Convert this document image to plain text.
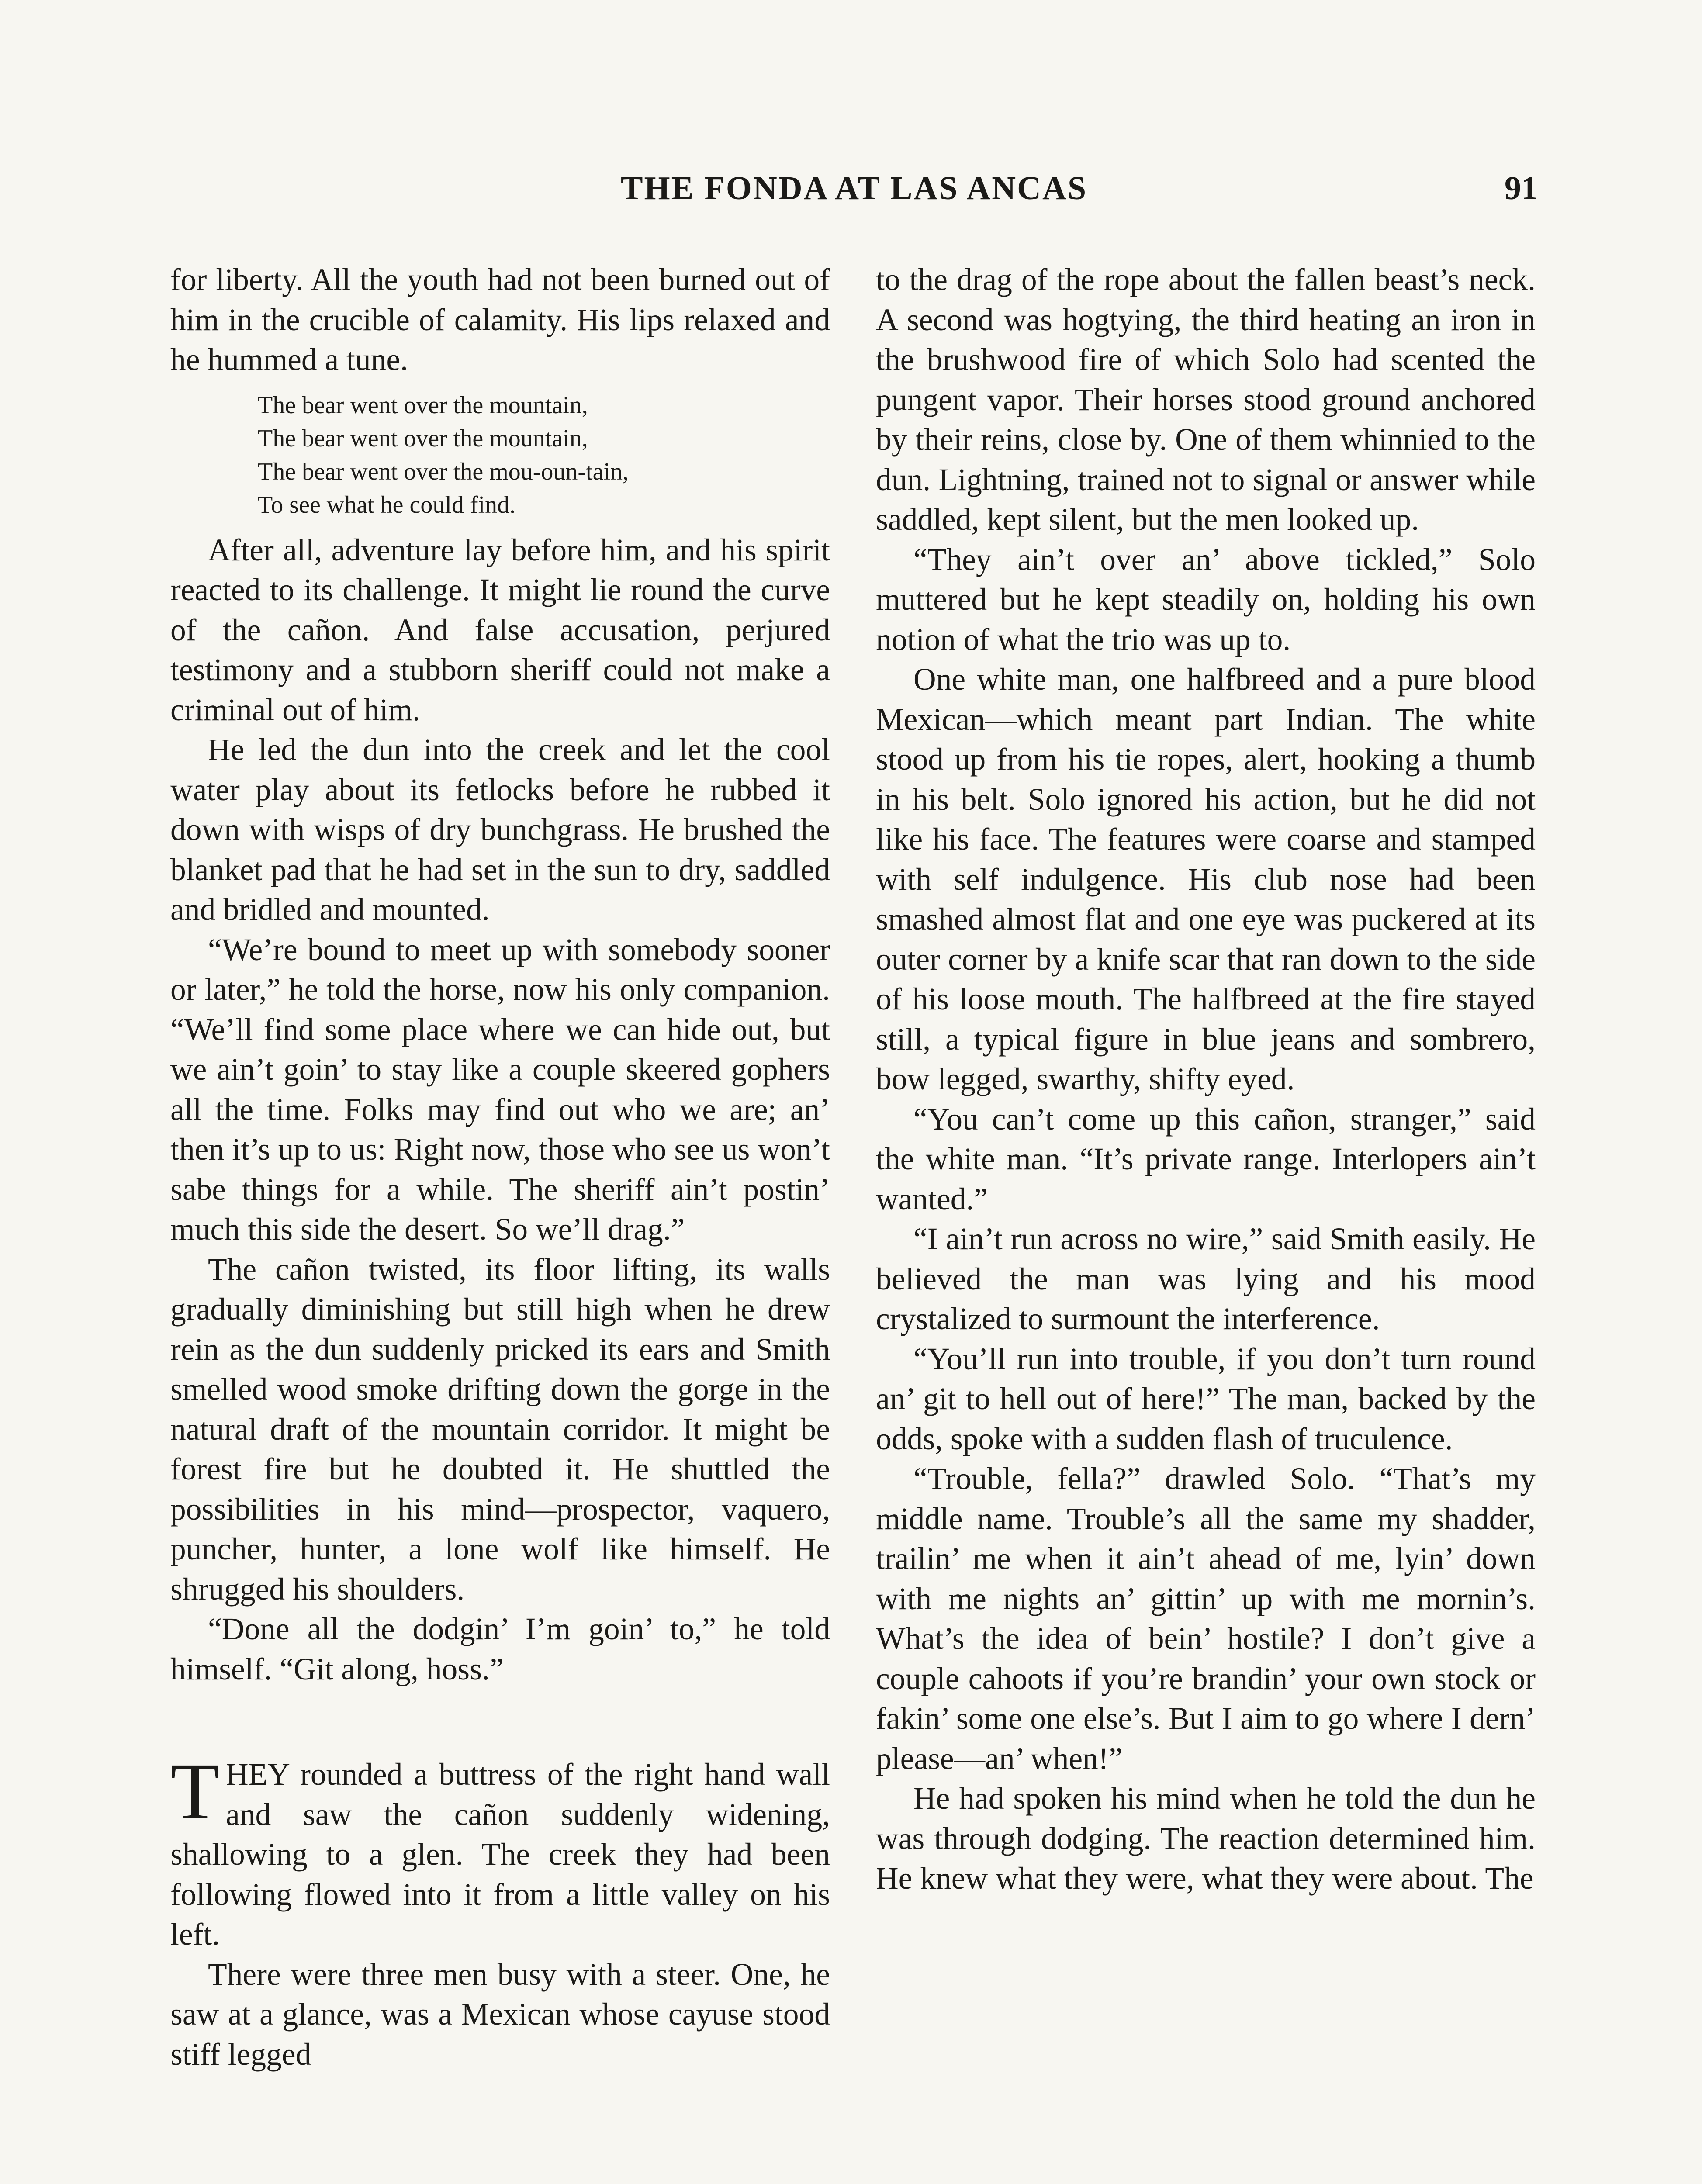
THE FONDA AT LAS ANCAS	91

for liberty. All the youth had not been burned out of him in the crucible of calamity. His lips relaxed and he hummed a tune.

The bear went over the mountain,
The bear went over the mountain,
The bear went over the mou-oun-tain,
To see what he could find.

After all, adventure lay before him, and his spirit reacted to its challenge. It might lie round the curve of the cañon. And false accusation, perjured testimony and a stubborn sheriff could not make a criminal out of him.

He led the dun into the creek and let the cool water play about its fetlocks before he rubbed it down with wisps of dry bunchgrass. He brushed the blanket pad that he had set in the sun to dry, saddled and bridled and mounted.

“We’re bound to meet up with somebody sooner or later,” he told the horse, now his only companion. “We’ll find some place where we can hide out, but we ain’t goin’ to stay like a couple skeered gophers all the time. Folks may find out who we are; an’ then it’s up to us: Right now, those who see us won’t sabe things for a while. The sheriff ain’t postin’ much this side the desert. So we’ll drag.”

The cañon twisted, its floor lifting, its walls gradually diminishing but still high when he drew rein as the dun suddenly pricked its ears and Smith smelled wood smoke drifting down the gorge in the natural draft of the mountain corridor. It might be forest fire but he doubted it. He shuttled the possibilities in his mind—prospector, vaquero, puncher, hunter, a lone wolf like himself. He shrugged his shoulders.

“Done all the dodgin’ I’m goin’ to,” he told himself. “Git along, hoss.”

THEY rounded a buttress of the right hand wall and saw the cañon suddenly widening, shallowing to a glen. The creek they had been following flowed into it from a little valley on his left.

There were three men busy with a steer. One, he saw at a glance, was a Mexican whose cayuse stood stiff legged

to the drag of the rope about the fallen beast’s neck. A second was hogtying, the third heating an iron in the brushwood fire of which Solo had scented the pungent vapor. Their horses stood ground anchored by their reins, close by. One of them whinnied to the dun. Lightning, trained not to signal or answer while saddled, kept silent, but the men looked up.

“They ain’t over an’ above tickled,” Solo muttered but he kept steadily on, holding his own notion of what the trio was up to.

One white man, one halfbreed and a pure blood Mexican—which meant part Indian. The white stood up from his tie ropes, alert, hooking a thumb in his belt. Solo ignored his action, but he did not like his face. The features were coarse and stamped with self indulgence. His club nose had been smashed almost flat and one eye was puckered at its outer corner by a knife scar that ran down to the side of his loose mouth. The halfbreed at the fire stayed still, a typical figure in blue jeans and sombrero, bow legged, swarthy, shifty eyed.

“You can’t come up this cañon, stranger,” said the white man. “It’s private range. Interlopers ain’t wanted.”

“I ain’t run across no wire,” said Smith easily. He believed the man was lying and his mood crystalized to surmount the interference.

“You’ll run into trouble, if you don’t turn round an’ git to hell out of here!” The man, backed by the odds, spoke with a sudden flash of truculence.

“Trouble, fella?” drawled Solo. “That’s my middle name. Trouble’s all the same my shadder, trailin’ me when it ain’t ahead of me, lyin’ down with me nights an’ gittin’ up with me mornin’s. What’s the idea of bein’ hostile? I don’t give a couple cahoots if you’re brandin’ your own stock or fakin’ some one else’s. But I aim to go where I dern’ please—an’ when!”

He had spoken his mind when he told the dun he was through dodging. The reaction determined him. He knew what they were, what they were about. The
